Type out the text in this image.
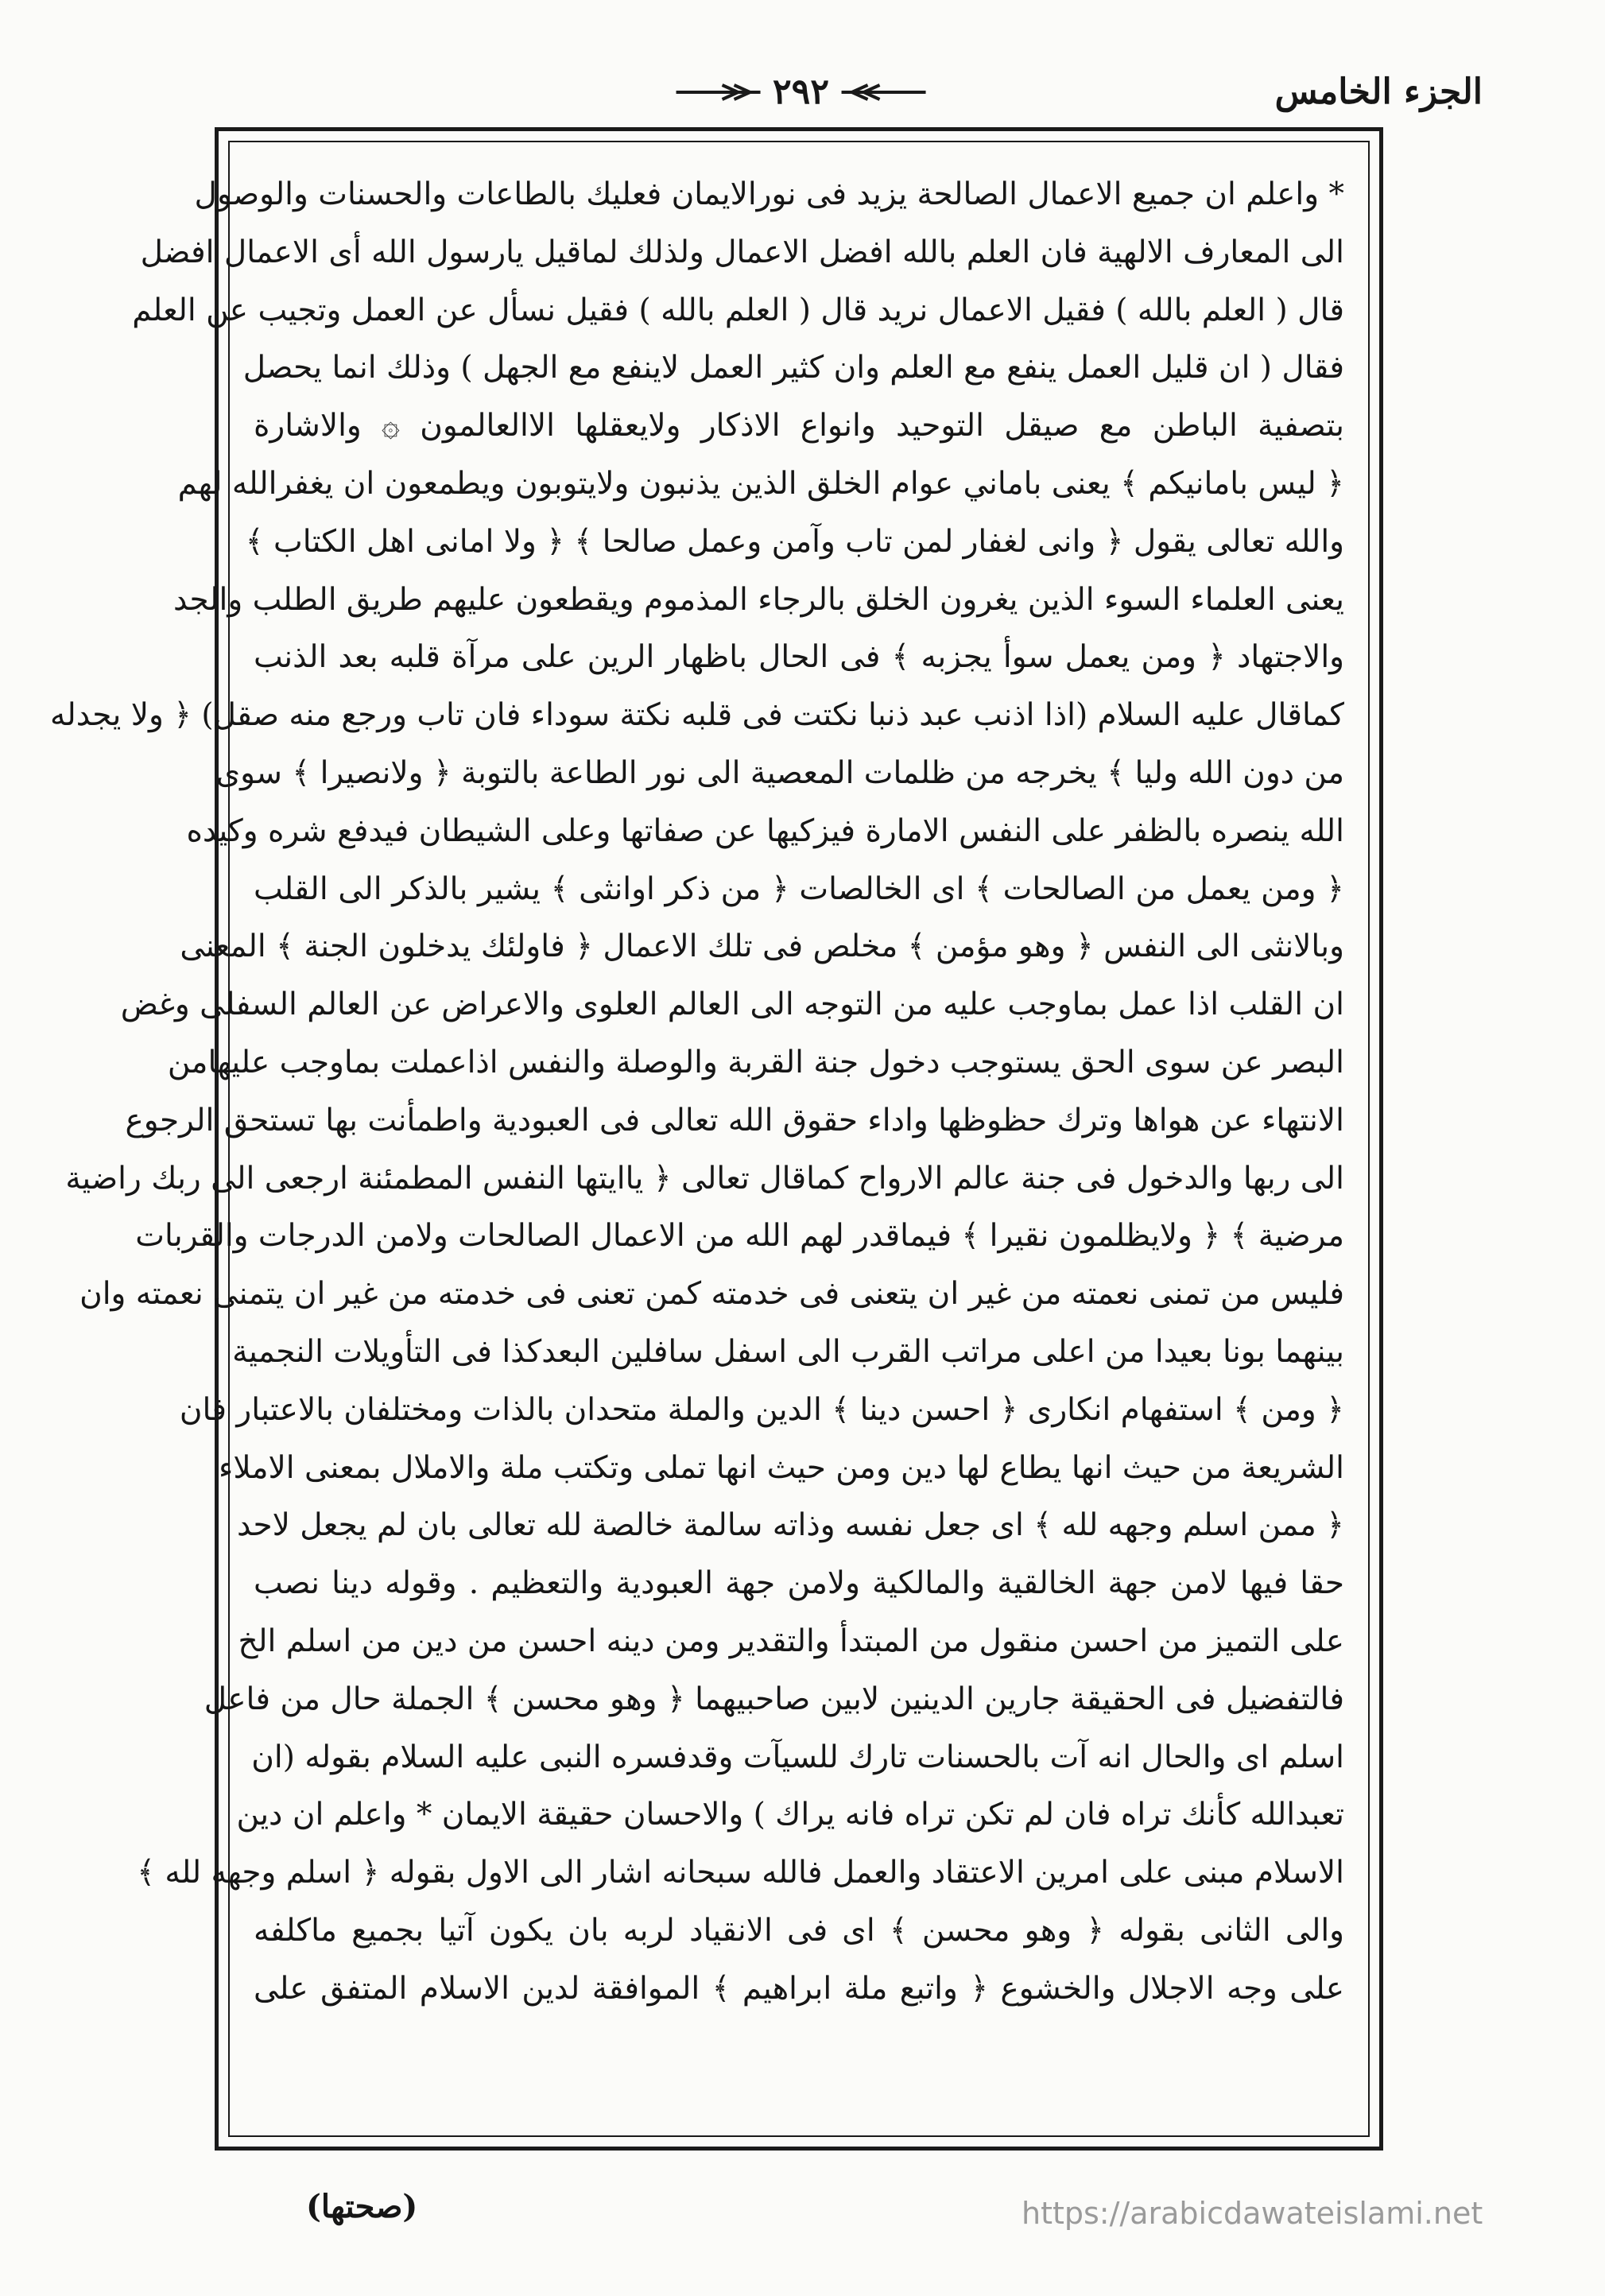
الجزء الخامس
٢٩٢
* واعلم ان جميع الاعمال الصالحة يزيد فى نورالايمان فعليك بالطاعات والحسنات والوصول
الى المعارف الالهية فان العلم بالله افضل الاعمال ولذلك لماقيل يارسول الله أى الاعمال افضل
قال ( العلم بالله ) فقيل الاعمال نريد قال ( العلم بالله ) فقيل نسأل عن العمل وتجيب عن العلم
فقال ( ان قليل العمل ينفع مع العلم وان كثير العمل لاينفع مع الجهل ) وذلك انما يحصل
بتصفية الباطن مع صيقل التوحيد وانواع الاذكار ولايعقلها الاالعالمون ۞ والاشارة
﴿ ليس بامانيكم ﴾ يعنى باماني عوام الخلق الذين يذنبون ولايتوبون ويطمعون ان يغفرالله لهم
والله تعالى يقول ﴿ وانى لغفار لمن تاب وآمن وعمل صالحا ﴾ ﴿ ولا امانى اهل الكتاب ﴾
يعنى العلماء السوء الذين يغرون الخلق بالرجاء المذموم ويقطعون عليهم طريق الطلب والجد
والاجتهاد ﴿ ومن يعمل سوأ يجزبه ﴾ فى الحال باظهار الرين على مرآة قلبه بعد الذنب
كماقال عليه السلام (اذا اذنب عبد ذنبا نكتت فى قلبه نكتة سوداء فان تاب ورجع منه صقل) ﴿ ولا يجدله
من دون الله وليا ﴾ يخرجه من ظلمات المعصية الى نور الطاعة بالتوبة ﴿ ولانصيرا ﴾ سوى
الله ينصره بالظفر على النفس الامارة فيزكيها عن صفاتها وعلى الشيطان فيدفع شره وكيده
﴿ ومن يعمل من الصالحات ﴾ اى الخالصات ﴿ من ذكر اوانثى ﴾ يشير بالذكر الى القلب
وبالانثى الى النفس ﴿ وهو مؤمن ﴾ مخلص فى تلك الاعمال ﴿ فاولئك يدخلون الجنة ﴾ المعنى
ان القلب اذا عمل بماوجب عليه من التوجه الى العالم العلوى والاعراض عن العالم السفلى وغض
البصر عن سوى الحق يستوجب دخول جنة القربة والوصلة والنفس اذاعملت بماوجب عليهامن
الانتهاء عن هواها وترك حظوظها واداء حقوق الله تعالى فى العبودية واطمأنت بها تستحق الرجوع
الى ربها والدخول فى جنة عالم الارواح كماقال تعالى ﴿ ياايتها النفس المطمئنة ارجعى الى ربك راضية
مرضية ﴾ ﴿ ولايظلمون نقيرا ﴾ فيماقدر لهم الله من الاعمال الصالحات ولامن الدرجات والقربات
فليس من تمنى نعمته من غير ان يتعنى فى خدمته كمن تعنى فى خدمته من غير ان يتمنى نعمته وان
بينهما بونا بعيدا من اعلى مراتب القرب الى اسفل سافلين البعدكذا فى التأويلات النجمية
﴿ ومن ﴾ استفهام انكارى ﴿ احسن دينا ﴾ الدين والملة متحدان بالذات ومختلفان بالاعتبار فان
الشريعة من حيث انها يطاع لها دين ومن حيث انها تملى وتكتب ملة والاملال بمعنى الاملاء
﴿ ممن اسلم وجهه لله ﴾ اى جعل نفسه وذاته سالمة خالصة لله تعالى بان لم يجعل لاحد
حقا فيها لامن جهة الخالقية والمالكية ولامن جهة العبودية والتعظيم . وقوله دينا نصب
على التميز من احسن منقول من المبتدأ والتقدير ومن دينه احسن من دين من اسلم الخ
فالتفضيل فى الحقيقة جارين الدينين لابين صاحبيهما ﴿ وهو محسن ﴾ الجملة حال من فاعل
اسلم اى والحال انه آت بالحسنات تارك للسيآت وقدفسره النبى عليه السلام بقوله (ان
تعبدالله كأنك تراه فان لم تكن تراه فانه يراك ) والاحسان حقيقة الايمان * واعلم ان دين
الاسلام مبنى على امرين الاعتقاد والعمل فالله سبحانه اشار الى الاول بقوله ﴿ اسلم وجهه لله ﴾
والى الثانى بقوله ﴿ وهو محسن ﴾ اى فى الانقياد لربه بان يكون آتيا بجميع ماكلفه
على وجه الاجلال والخشوع ﴿ واتبع ملة ابراهيم ﴾ الموافقة لدين الاسلام المتفق على
(صحتها)	https://arabicdawateislami.net
